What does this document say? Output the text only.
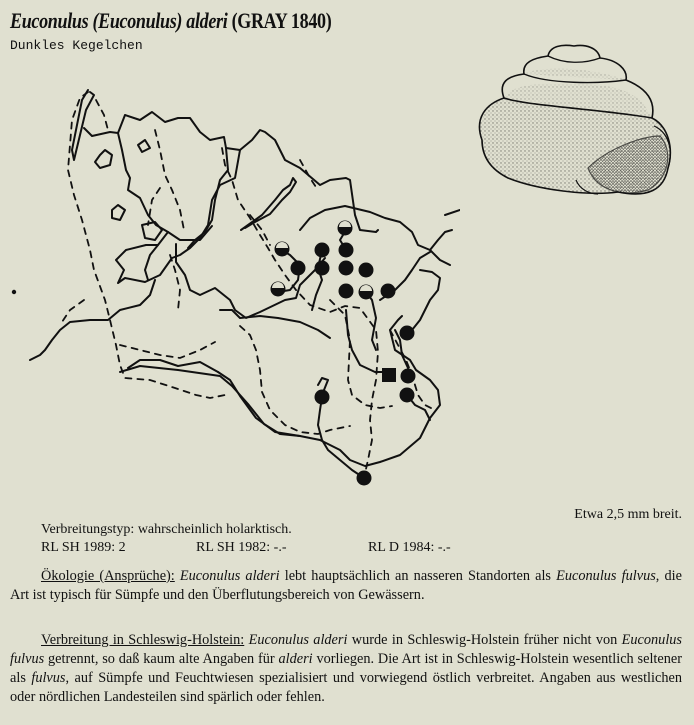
Euconulus (Euconulus) alderi (GRAY 1840)
Dunkles Kegelchen
Etwa 2,5 mm breit.
Verbreitungstyp: wahrscheinlich holarktisch.
RL SH 1989: 2	RL SH 1982: -.-	RL D 1984: -.-
Ökologie (Ansprüche): Euconulus alderi lebt hauptsächlich an nasseren Standorten als Euconulus fulvus, die Art ist typisch für Sümpfe und den Überflutungsbereich von Gewässern.
Verbreitung in Schleswig-Holstein: Euconulus alderi wurde in Schleswig-Holstein früher nicht von Euconulus fulvus getrennt, so daß kaum alte Angaben für alderi vorliegen. Die Art ist in Schleswig-Holstein wesentlich seltener als fulvus, auf Sümpfe und Feuchtwiesen spezialisiert und vorwiegend östlich verbreitet. Angaben aus westlichen oder nördlichen Landesteilen sind spärlich oder fehlen.
